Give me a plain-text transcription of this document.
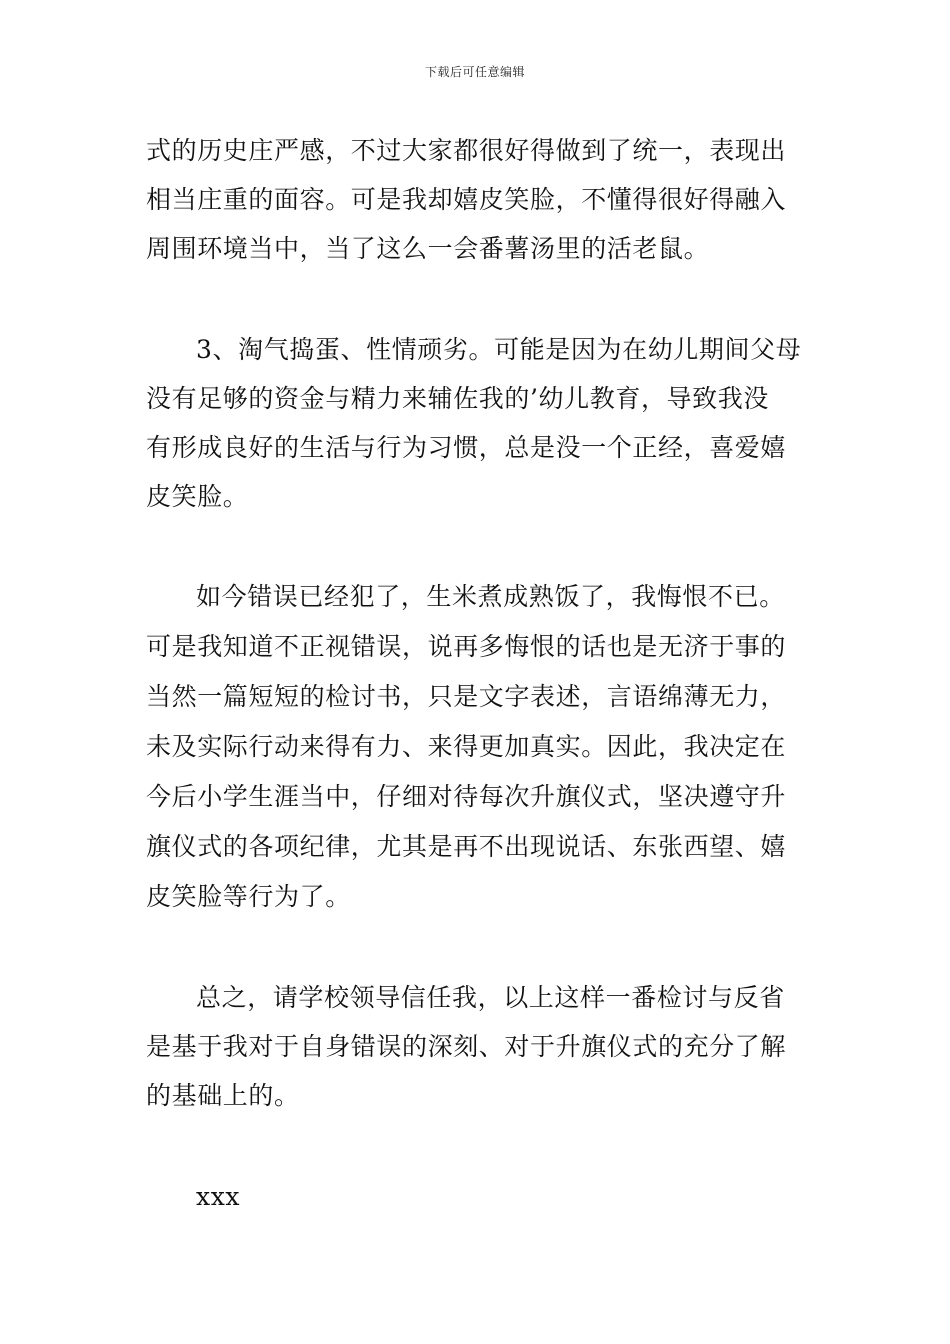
下载后可任意编辑
式的历史庄严感，不过大家都很好得做到了统一，表现出
相当庄重的面容。可是我却嬉皮笑脸，不懂得很好得融入
周围环境当中，当了这么一会番薯汤里的活老鼠。
3、淘气捣蛋、性情顽劣。可能是因为在幼儿期间父母
没有足够的资金与精力来辅佐我的’幼儿教育，导致我没
有形成良好的生活与行为习惯，总是没一个正经，喜爱嬉
皮笑脸。
如今错误已经犯了，生米煮成熟饭了，我悔恨不已。
可是我知道不正视错误，说再多悔恨的话也是无济于事的
当然一篇短短的检讨书，只是文字表述，言语绵薄无力，
未及实际行动来得有力、来得更加真实。因此，我决定在
今后小学生涯当中，仔细对待每次升旗仪式，坚决遵守升
旗仪式的各项纪律，尤其是再不出现说话、东张西望、嬉
皮笑脸等行为了。
总之，请学校领导信任我，以上这样一番检讨与反省
是基于我对于自身错误的深刻、对于升旗仪式的充分了解
的基础上的。
xxx
